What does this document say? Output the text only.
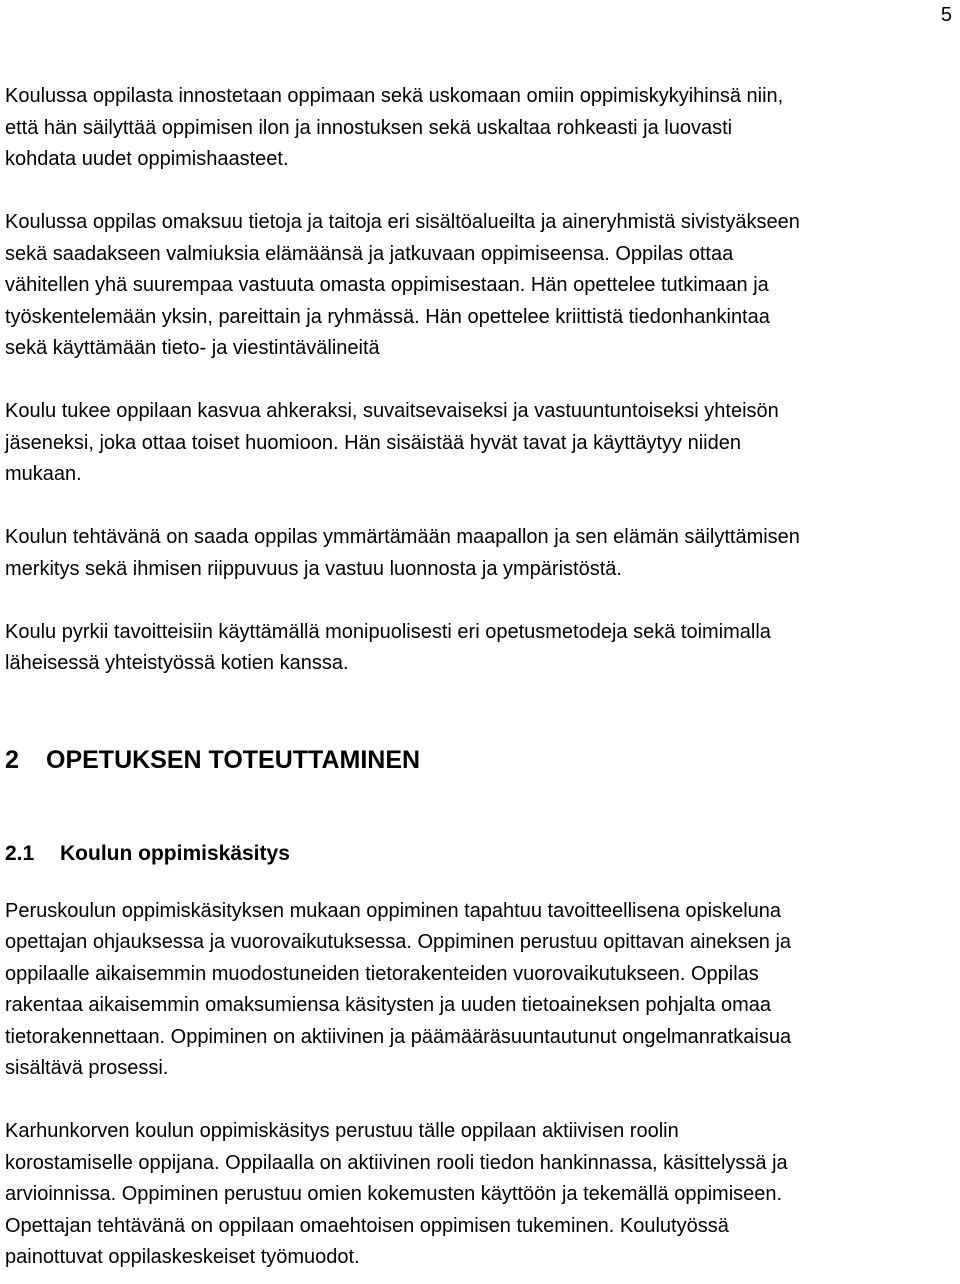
5

Koulussa oppilasta innostetaan oppimaan sekä uskomaan omiin oppimiskykyihinsä niin,
että hän säilyttää oppimisen ilon ja innostuksen sekä uskaltaa rohkeasti ja luovasti
kohdata uudet oppimishaasteet.

Koulussa oppilas omaksuu tietoja ja taitoja eri sisältöalueilta ja aineryhmistä sivistyäkseen
sekä saadakseen valmiuksia elämäänsä ja jatkuvaan oppimiseensa. Oppilas ottaa
vähitellen yhä suurempaa vastuuta omasta oppimisestaan. Hän opettelee tutkimaan ja
työskentelemään yksin, pareittain ja ryhmässä. Hän opettelee kriittistä tiedonhankintaa
sekä käyttämään tieto- ja viestintävälineitä

Koulu tukee oppilaan kasvua ahkeraksi, suvaitsevaiseksi ja vastuuntuntoiseksi yhteisön
jäseneksi, joka ottaa toiset huomioon. Hän sisäistää hyvät tavat ja käyttäytyy niiden
mukaan.

Koulun tehtävänä on saada oppilas ymmärtämään maapallon ja sen elämän säilyttämisen
merkitys sekä ihmisen riippuvuus ja vastuu luonnosta ja ympäristöstä.

Koulu pyrkii tavoitteisiin käyttämällä monipuolisesti eri opetusmetodeja sekä toimimalla
läheisessä yhteistyössä kotien kanssa.

2 OPETUKSEN TOTEUTTAMINEN
2.1 Koulun oppimiskäsitys

Peruskoulun oppimiskäsityksen mukaan oppiminen tapahtuu tavoitteellisena opiskeluna
opettajan ohjauksessa ja vuorovaikutuksessa. Oppiminen perustuu opittavan aineksen ja
oppilaalle aikaisemmin muodostuneiden tietorakenteiden vuorovaikutukseen. Oppilas
rakentaa aikaisemmin omaksumiensa käsitysten ja uuden tietoaineksen pohjalta omaa
tietorakennettaan. Oppiminen on aktiivinen ja päämääräsuuntautunut ongelmanratkaisua
sisältävä prosessi.

Karhunkorven koulun oppimiskäsitys perustuu tälle oppilaan aktiivisen roolin
korostamiselle oppijana. Oppilaalla on aktiivinen rooli tiedon hankinnassa, käsittelyssä ja
arvioinnissa. Oppiminen perustuu omien kokemusten käyttöön ja tekemällä oppimiseen.
Opettajan tehtävänä on oppilaan omaehtoisen oppimisen tukeminen. Koulutyössä
painottuvat oppilaskeskeiset työmuodot.
